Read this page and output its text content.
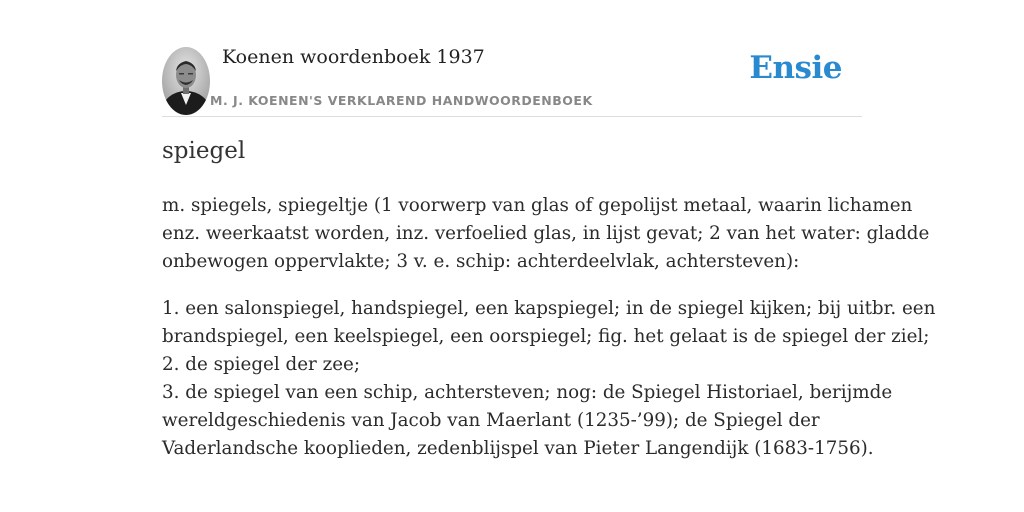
Koenen woordenboek 1937
M. J. KOENEN'S VERKLAREND HANDWOORDENBOEK
Ensie
spiegel
m. spiegels, spiegeltje (1 voorwerp van glas of gepolijst metaal, waarin lichamen
enz. weerkaatst worden, inz. verfoelied glas, in lijst gevat; 2 van het water: gladde
onbewogen oppervlakte; 3 v. e. schip: achterdeelvlak, achtersteven):
1. een salonspiegel, handspiegel, een kapspiegel; in de spiegel kijken; bij uitbr. een
brandspiegel, een keelspiegel, een oorspiegel; fig. het gelaat is de spiegel der ziel;
2. de spiegel der zee;
3. de spiegel van een schip, achtersteven; nog: de Spiegel Historiael, berijmde
wereldgeschiedenis van Jacob van Maerlant (1235-’99); de Spiegel der
Vaderlandsche kooplieden, zedenblijspel van Pieter Langendijk (1683-1756).
